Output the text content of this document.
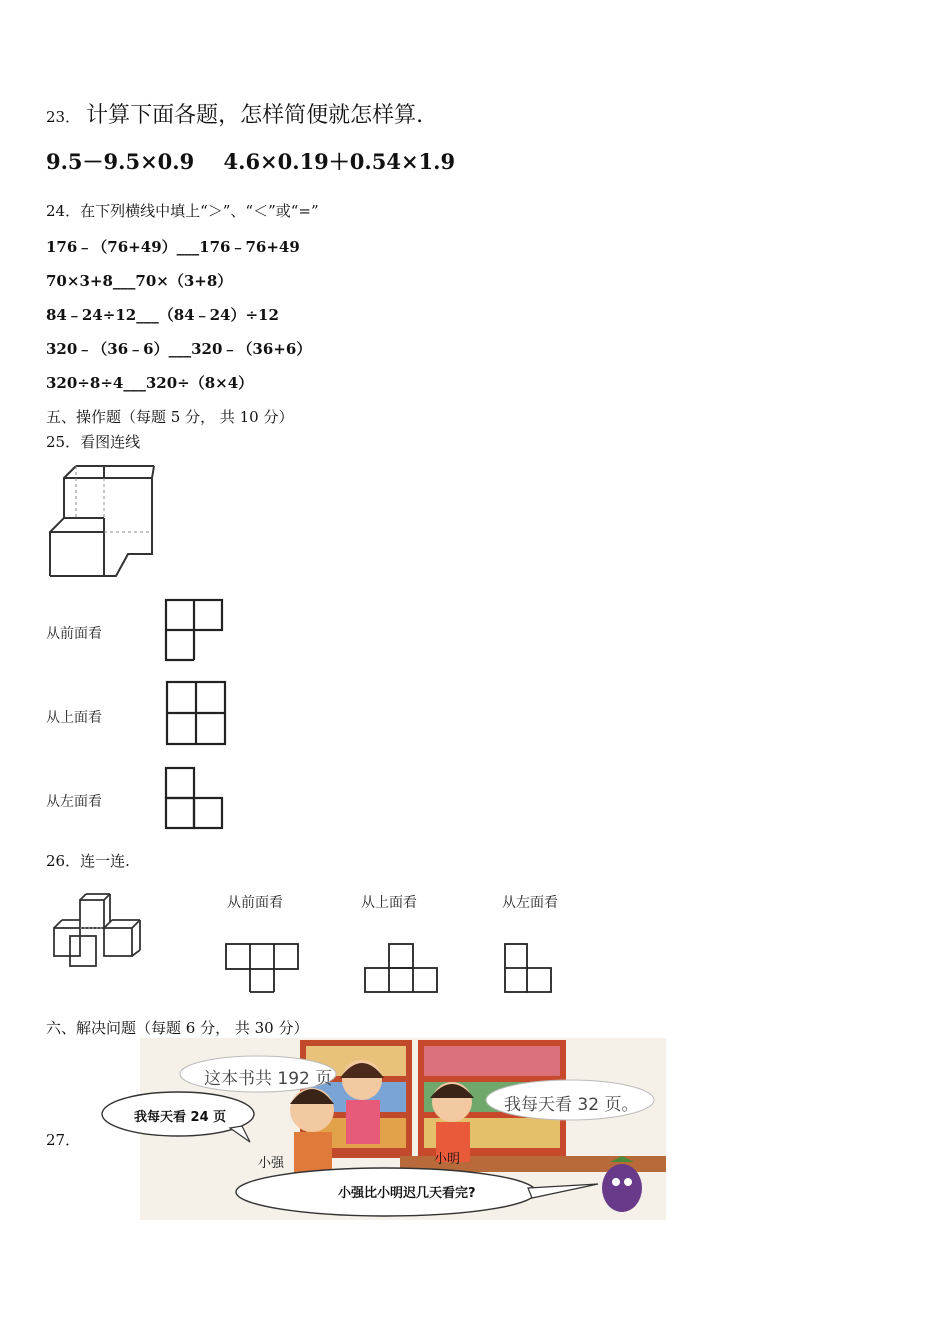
23． 计算下面各题，怎样简便就怎样算.
9.5－9.5×0.9 4.6×0.19＋0.54×1.9
24．在下列横线中填上“＞”、“＜”或“=”
176﹣（76+49）___176﹣76+49
70×3+8___70×（3+8）
84﹣24÷12___（84﹣24）÷12
320﹣（36﹣6）___320﹣（36+6）
320÷8÷4___320÷（8×4）
五、操作题（每题 5 分， 共 10 分）
25．看图连线
从前面看
从上面看
从左面看
26．连一连.
从前面看	从上面看	从左面看
六、解决问题（每题 6 分， 共 30 分）
27．
这本书共 192 页
我每天看 24 页
我每天看 32 页。
小强	小明
小强比小明迟几天看完?
